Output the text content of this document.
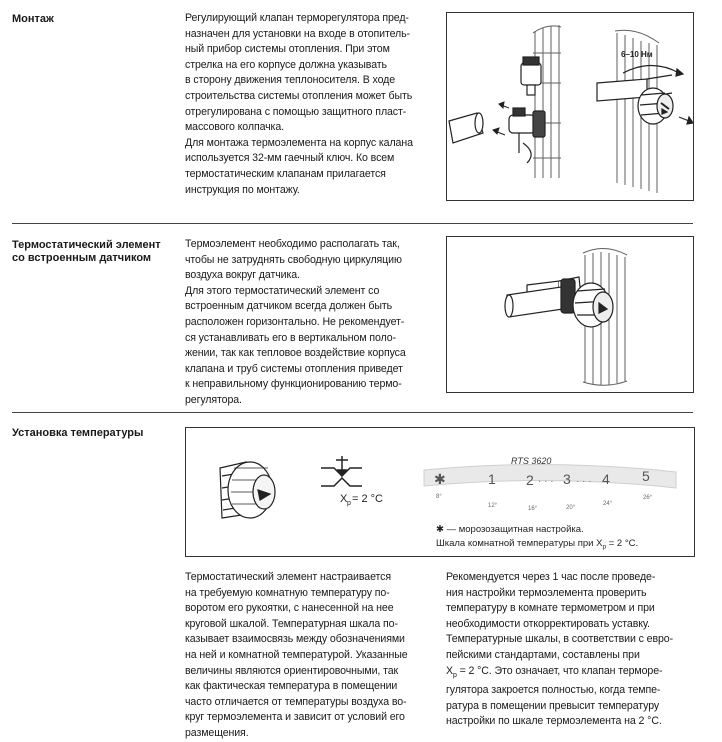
Монтаж	Регулирующий клапан терморегулятора пред-
назначен для установки на входе в отопитель-
ный прибор системы отопления. При этом
стрелка на его корпусе должна указывать
в сторону движения теплоносителя. В ходе
строительства системы отопления может быть
отрегулирована с помощью защитного пласт-
массового колпачка.
Для монтажа термоэлемента на корпус калана
используется 32-мм гаечный ключ. Ко всем
термостатическим клапанам прилагается
инструкция по монтажу.
6–10 Нм
Термостатический элемент
со встроенным датчиком
Термоэлемент необходимо располагать так,
чтобы не затруднять свободную циркуляцию
воздуха вокруг датчика.
Для этого термостатический элемент со
встроенным датчиком всегда должен быть
расположен горизонтально. Не рекомендует-
ся устанавливать его в вертикальном поло-
жении, так как тепловое воздействие корпуса
клапана и труб системы отопления приведет
к неправильному функционированию термо-
регулятора.
Установка температуры
X p = 2 °C
RTS 3620
✱	1 2 · · · 3 · · · 4 5
8°
12°	16°	20°
24°
26°
✱ — морозозащитная настройка.
Шкала комнатной температуры при $X_p = 2$ °C.
Термостатический элемент настраивается
на требуемую комнатную температуру по-
воротом его рукоятки, с нанесенной на нее
круговой шкалой. Температурная шкала по-
казывает взаимосвязь между обозначениями
на ней и комнатной температурой. Указанные
величины являются ориентировочными, так
как фактическая температура в помещении
часто отличается от температуры воздуха во-
круг термоэлемента и зависит от условий его
размещения.
Рекомендуется через 1 час после проведе-
ния настройки термоэлемента проверить
температуру в комнате термометром и при
необходимости откорректировать уставку.
Температурные шкалы, в соответствии с евро-
пейскими стандартами, составлены при
$X_p = 2$ °C. Это означает, что клапан терморе-
гулятора закроется полностью, когда темпе-
ратура в помещении превысит температуру
настройки по шкале термоэлемента на 2 °C.
